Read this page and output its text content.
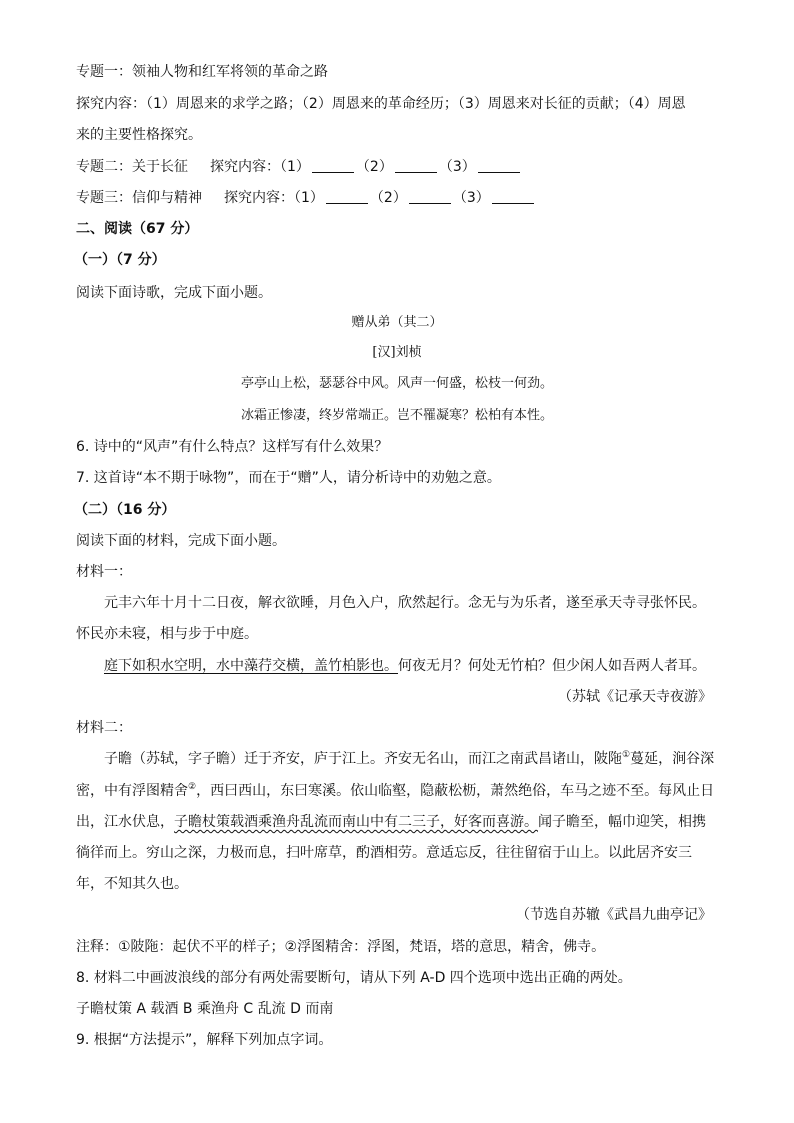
专题一：领袖人物和红军将领的革命之路
探究内容：（1）周恩来的求学之路；（2）周恩来的革命经历；（3）周恩来对长征的贡献；（4）周恩
来的主要性格探究。
专题二：关于长征 探究内容：（1）	（2）	（3）
专题三：信仰与精神 探究内容：（1）	（2）	（3）
二、阅读（67 分）
（一）（7 分）
阅读下面诗歌，完成下面小题。
赠从弟（其二）
[汉]刘桢
亭亭山上松，瑟瑟谷中风。风声一何盛，松枝一何劲。
冰霜正惨凄，终岁常端正。岂不罹凝寒？松柏有本性。
6. 诗中的“风声”有什么特点？这样写有什么效果？
7. 这首诗“本不期于咏物”，而在于“赠”人，请分析诗中的劝勉之意。
（二）（16 分）
阅读下面的材料，完成下面小题。
材料一：
元丰六年十月十二日夜，解衣欲睡，月色入户，欣然起行。念无与为乐者，遂至承天寺寻张怀民。
怀民亦未寝，相与步于中庭。
庭下如积水空明，水中藻荇交横，盖竹柏影也。何夜无月？何处无竹柏？但少闲人如吾两人者耳。
（苏轼《记承天寺夜游》
材料二：
子瞻（苏轼，字子瞻）迁于齐安，庐于江上。齐安无名山，而江之南武昌诸山，陂陁①蔓延，涧谷深
密，中有浮图精舍②，西曰西山，东曰寒溪。依山临壑，隐蔽松枥，萧然绝俗，车马之迹不至。每风止日
出，江水伏息，子瞻杖策载酒乘渔舟乱流而南山中有二三子，好客而喜游。闻子瞻至，幅巾迎笑，相携
徜徉而上。穷山之深，力极而息，扫叶席草，酌酒相劳。意适忘反，往往留宿于山上。以此居齐安三
年，不知其久也。
（节选自苏辙《武昌九曲亭记》
注释：①陂陁：起伏不平的样子；②浮图精舍：浮图，梵语，塔的意思，精舍，佛寺。
8. 材料二中画波浪线的部分有两处需要断句，请从下列 A-D 四个选项中选出正确的两处。
子瞻杖策 A 载酒 B 乘渔舟 C 乱流 D 而南
9. 根据“方法提示”，解释下列加点字词。
